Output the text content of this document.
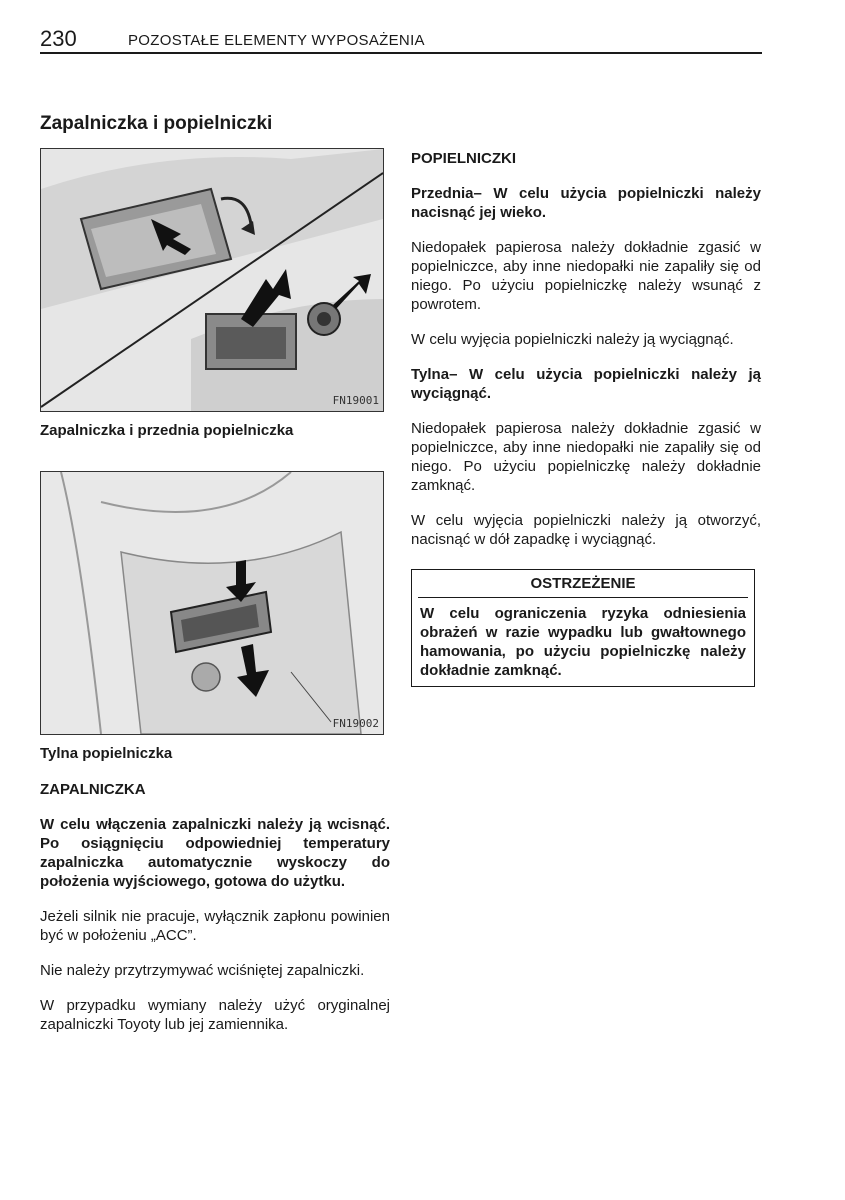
230	POZOSTAŁE ELEMENTY WYPOSAŻENIA
Zapalniczka i popielniczki
FN19001
Zapalniczka i przednia popielniczka
FN19002
Tylna popielniczka

ZAPALNICZKA

W celu włączenia zapalniczki należy ją wcisnąć. Po osiągnięciu odpowiedniej temperatury zapalniczka automatycznie wyskoczy do położenia wyjściowego, gotowa do użytku.

Jeżeli silnik nie pracuje, wyłącznik zapłonu powinien być w położeniu „ACC”.

Nie należy przytrzymywać wciśniętej zapalniczki.

W przypadku wymiany należy użyć oryginalnej zapalniczki Toyoty lub jej zamiennika.

POPIELNICZKI

Przednia– W celu użycia popielniczki należy nacisnąć jej wieko.

Niedopałek papierosa należy dokładnie zgasić w popielniczce, aby inne niedopałki nie zapaliły się od niego. Po użyciu popielniczkę należy wsunąć z powrotem.

W celu wyjęcia popielniczki należy ją wyciągnąć.

Tylna– W celu użycia popielniczki należy ją wyciągnąć.

Niedopałek papierosa należy dokładnie zgasić w popielniczce, aby inne niedopałki nie zapaliły się od niego. Po użyciu popielniczkę należy dokładnie zamknąć.

W celu wyjęcia popielniczki należy ją otworzyć, nacisnąć w dół zapadkę i wyciągnąć.

OSTRZEŻENIE
W celu ograniczenia ryzyka odniesienia obrażeń w razie wypadku lub gwałtownego hamowania, po użyciu popielniczkę należy dokładnie zamknąć.
